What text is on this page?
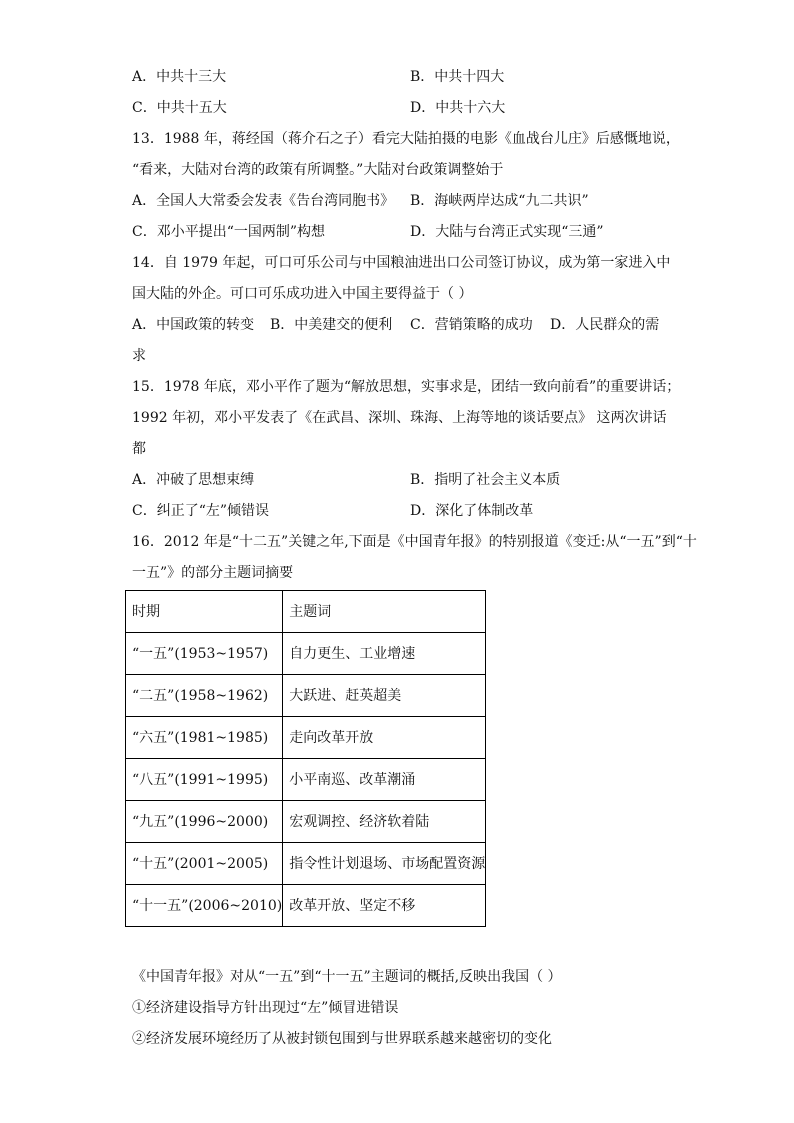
A．中共十三大	B．中共十四大
C．中共十五大	D．中共十六大
13．1988 年，蒋经国（蒋介石之子）看完大陆拍摄的电影《血战台儿庄》后感慨地说，
“看来，大陆对台湾的政策有所调整。”大陆对台政策调整始于
A．全国人大常委会发表《告台湾同胞书》 B．海峡两岸达成“九二共识”
C．邓小平提出“一国两制”构想	D．大陆与台湾正式实现“三通”
14．自 1979 年起，可口可乐公司与中国粮油进出口公司签订协议，成为第一家进入中
国大陆的外企。可口可乐成功进入中国主要得益于（ ）
A．中国政策的转变 B．中美建交的便利 C．营销策略的成功 D．人民群众的需
求
15．1978 年底，邓小平作了题为“解放思想，实事求是，团结一致向前看”的重要讲话；
1992 年初，邓小平发表了《在武昌、深圳、珠海、上海等地的谈话要点》 这两次讲话
都
A．冲破了思想束缚	B．指明了社会主义本质
C．纠正了“左”倾错误	D．深化了体制改革
16．2012 年是“十二五”关键之年,下面是《中国青年报》的特别报道《变迁:从“一五”到“十
一五”》的部分主题词摘要
时期	主题词
“一五”(1953~1957)	自力更生、工业增速
“二五”(1958~1962)	大跃进、赶英超美
“六五”(1981~1985)	走向改革开放
“八五”(1991~1995)	小平南巡、改革潮涌
“九五”(1996~2000)	宏观调控、经济软着陆
“十五”(2001~2005)	指令性计划退场、市场配置资源
“十一五”(2006~2010)	改革开放、坚定不移
《中国青年报》对从“一五”到“十一五”主题词的概括,反映出我国（ ）
①经济建设指导方针出现过“左”倾冒进错误
②经济发展环境经历了从被封锁包围到与世界联系越来越密切的变化
